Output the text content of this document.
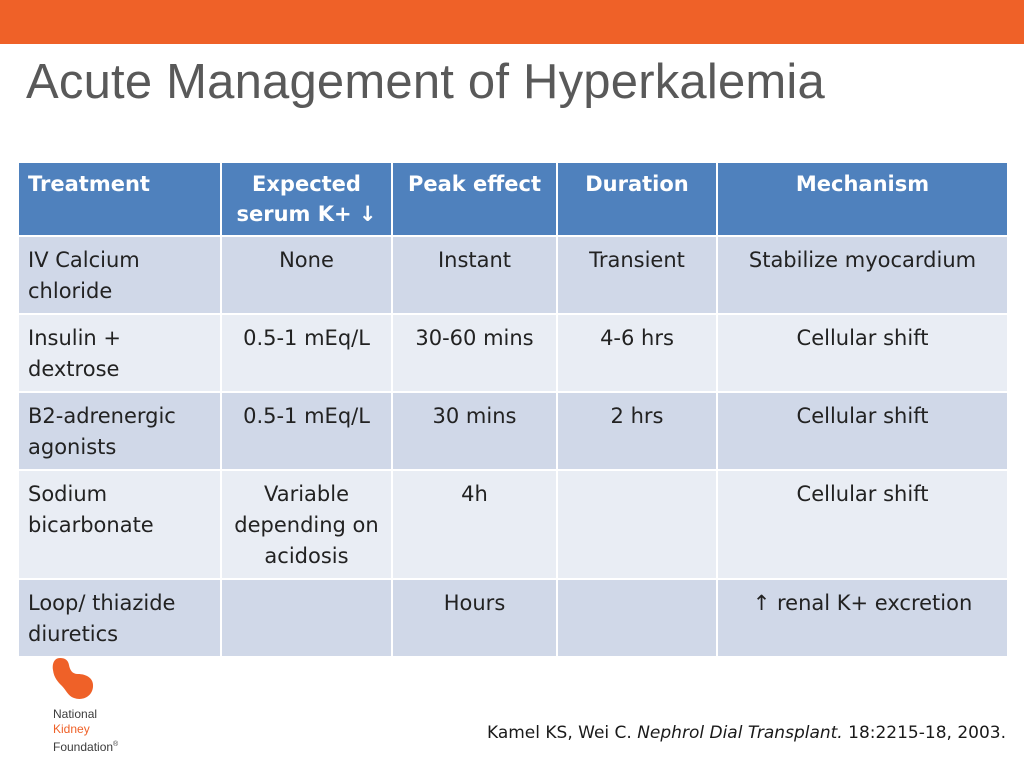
Acute Management of Hyperkalemia
Treatment	Expected serum K+ ↓	Peak effect	Duration	Mechanism
IV Calcium chloride	None	Instant	Transient	Stabilize myocardium
Insulin + dextrose	0.5-1 mEq/L	30-60 mins	4-6 hrs	Cellular shift
B2-adrenergic agonists	0.5-1 mEq/L	30 mins	2 hrs	Cellular shift
Sodium bicarbonate	Variable depending on acidosis	4h		Cellular shift
Loop/ thiazide diuretics		Hours		↑ renal K+ excretion
National
Kidney
Foundation®
Kamel KS, Wei C. Nephrol Dial Transplant. 18:2215-18, 2003.
